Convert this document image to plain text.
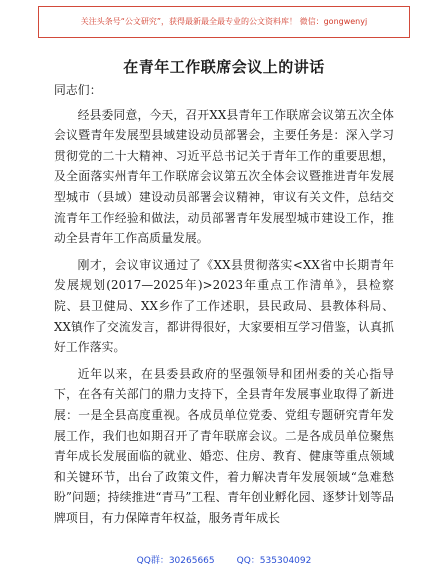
关注头条号“公文研究”，获得最新最全最专业的公文资料库！ 微信：gongwenyj
在青年工作联席会议上的讲话

同志们：

经县委同意，今天，召开XX县青年工作联席会议第五次全体会议暨青年发展型县域建设动员部署会，主要任务是：深入学习贯彻党的二十大精神、习近平总书记关于青年工作的重要思想，及全面落实州青年工作联席会议第五次全体会议暨推进青年发展型城市（县域）建设动员部署会议精神，审议有关文件，总结交流青年工作经验和做法，动员部署青年发展型城市建设工作，推动全县青年工作高质量发展。

刚才，会议审议通过了《XX县贯彻落实<XX省中长期青年发展规划(2017—2025年)>2023年重点工作清单》，县检察院、县卫健局、XX乡作了工作述职，县民政局、县教体科局、XX镇作了交流发言，都讲得很好，大家要相互学习借鉴，认真抓好工作落实。

近年以来，在县委县政府的坚强领导和团州委的关心指导下，在各有关部门的鼎力支持下，全县青年发展事业取得了新进展：一是全县高度重视。各成员单位党委、党组专题研究青年发展工作，我们也如期召开了青年联席会议。二是各成员单位聚焦青年成长发展面临的就业、婚恋、住房、教育、健康等重点领域和关键环节，出台了政策文件，着力解决青年发展领域“急难愁盼”问题；持续推进“青马”工程、青年创业孵化园、逐梦计划等品牌项目，有力保障青年权益，服务青年成长

QQ群：30265665 QQ：535304092
